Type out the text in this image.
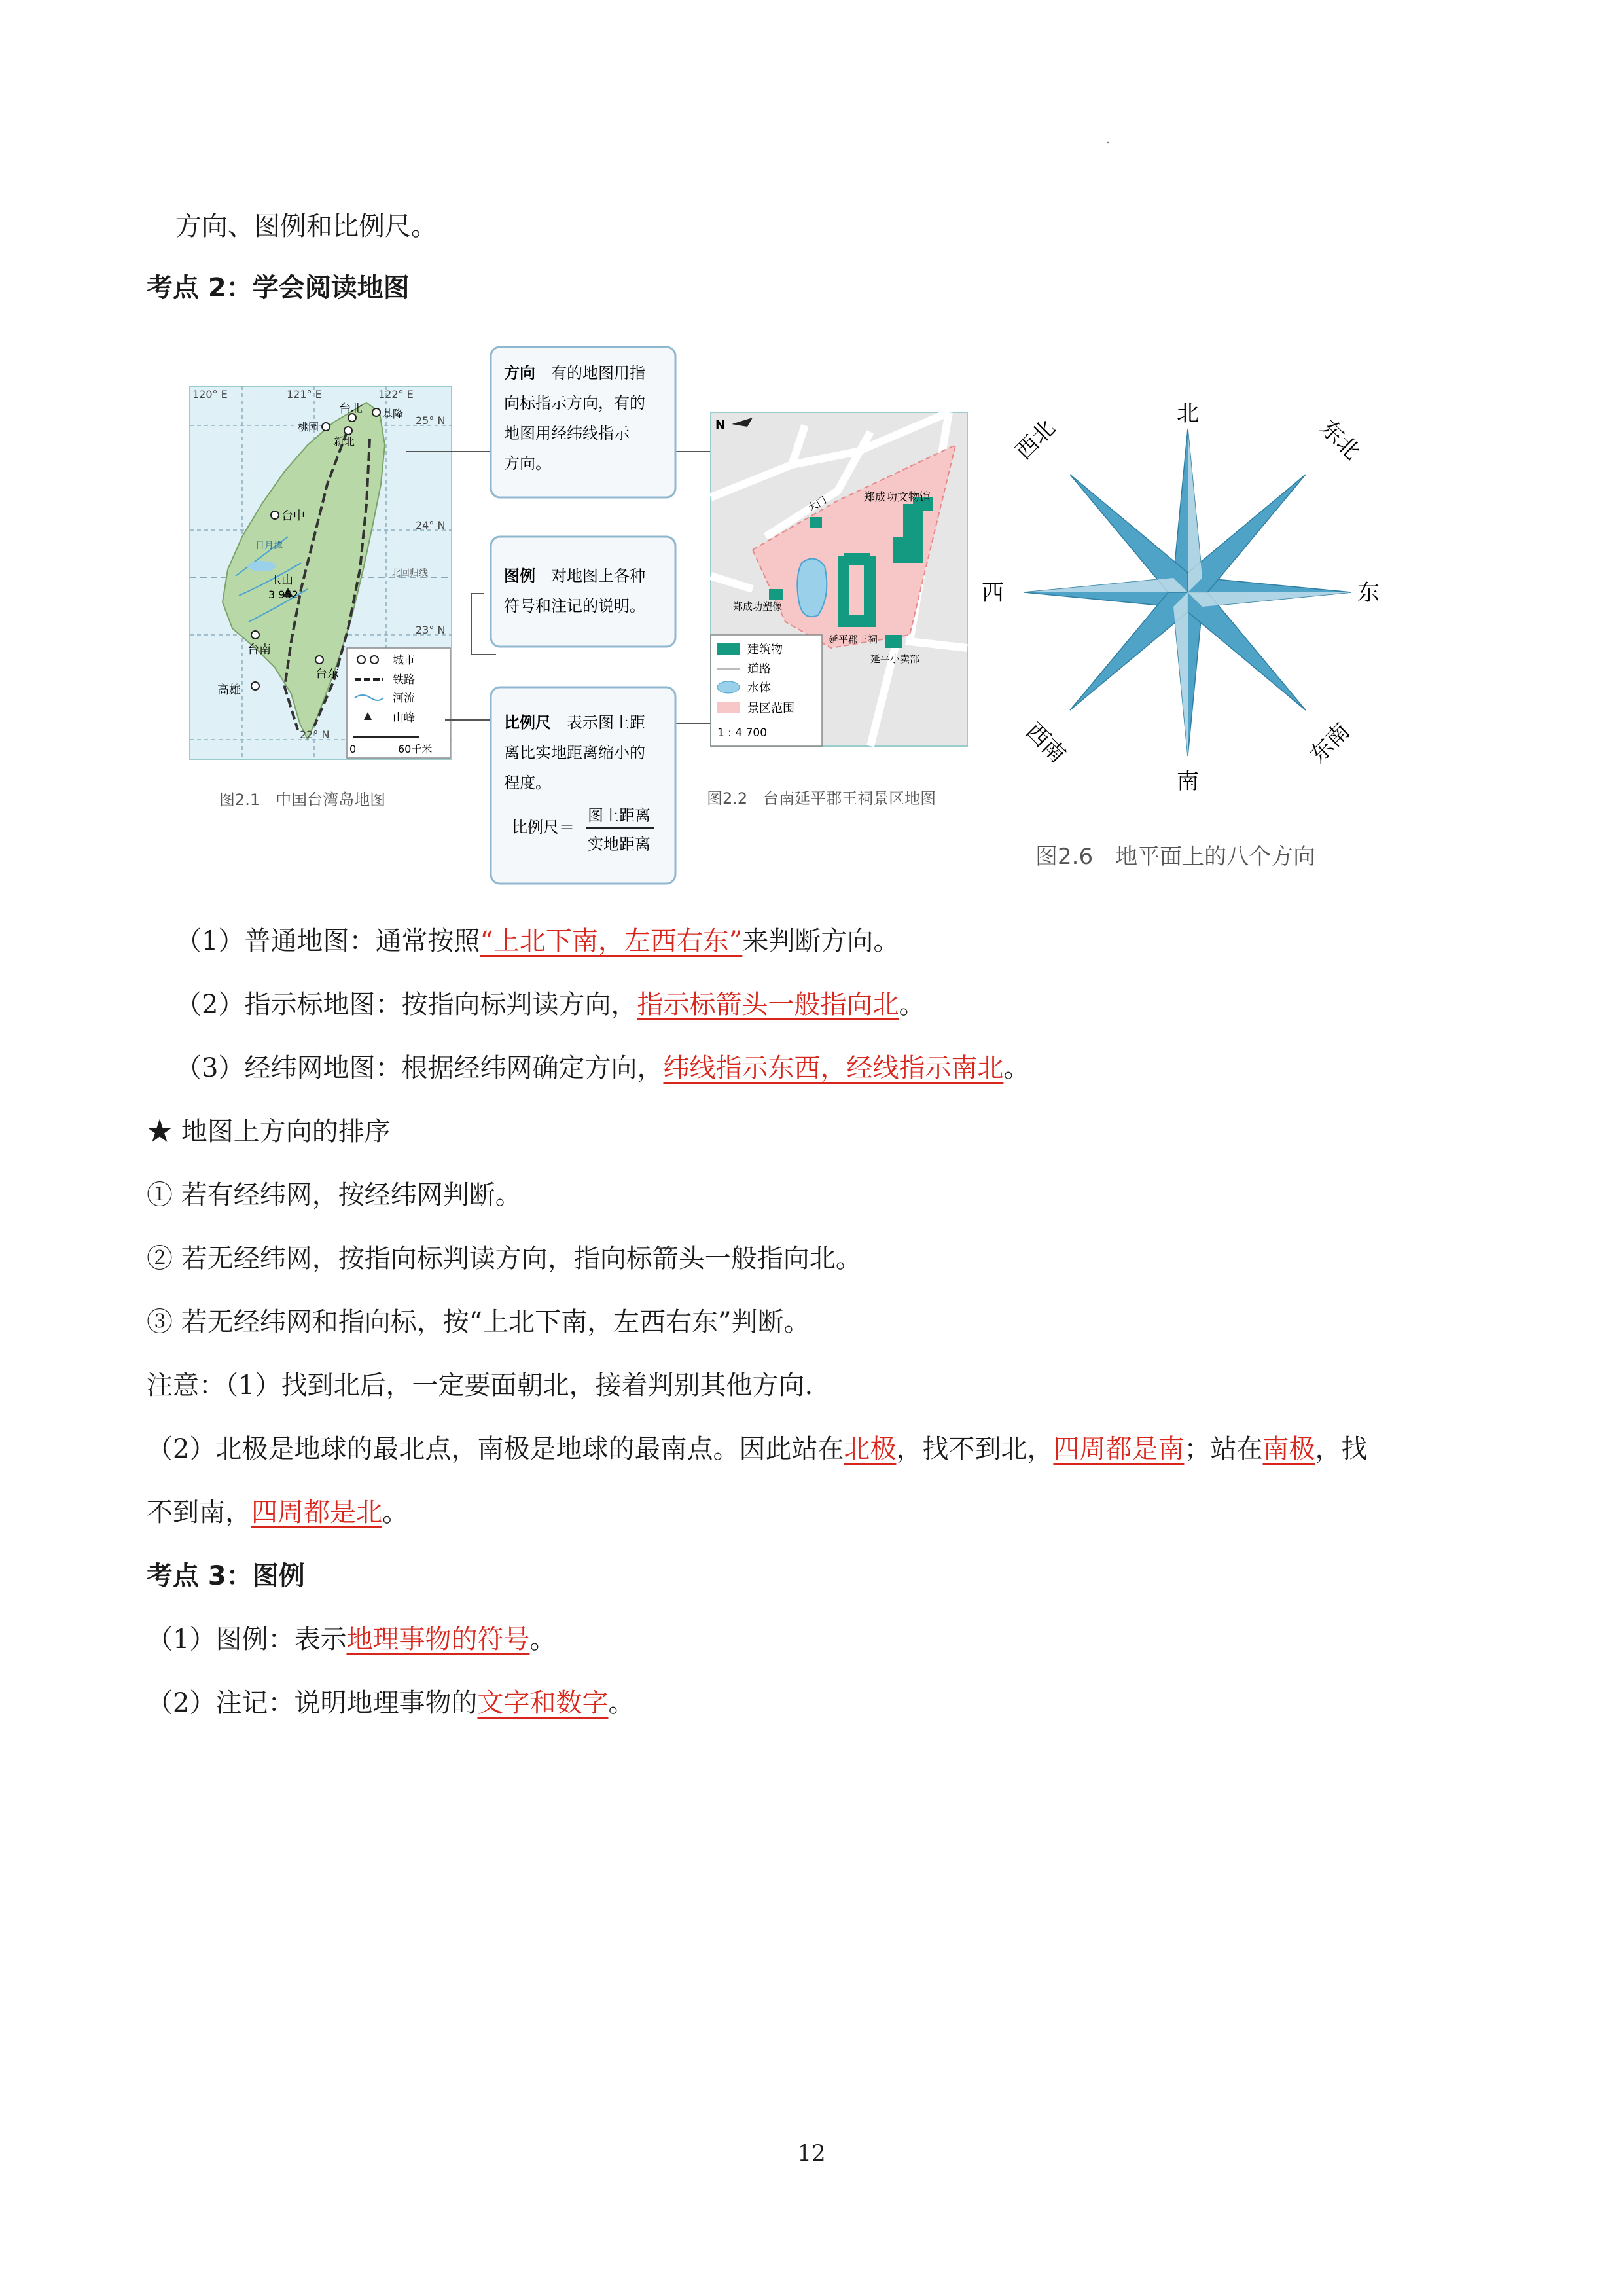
.
方向、图例和比例尺。
考点 2：学会阅读地图
台北 基隆
桃园
新北
台中
台南
高雄
台东
日月潭
玉山
3 952
120° E	121° E	122° E
25° N
24° N
23° N
22° N
北回归线
城市
铁路
河流
山峰
0	60千米
图2.1　中国台湾岛地图
方向 有的地图用指
向标指示方向，有的
地图用经纬线指示
方向。
图例 对地图上各种
符号和注记的说明。
比例尺 表示图上距
离比实地距离缩小的
程度。
比例尺＝
图上距离
实地距离
郑成功文物馆
大门
郑成功塑像
延平郡王祠
延平小卖部
N
建筑物
道路
水体
景区范围
1 : 4 700
图2.2　台南延平郡王祠景区地图
北
南
东
西
东北
西北
东南
西南
图2.6　地平面上的八个方向
（1）普通地图：通常按照“上北下南，左西右东”来判断方向。
（2）指示标地图：按指向标判读方向，指示标箭头一般指向北。
（3）经纬网地图：根据经纬网确定方向，纬线指示东西，经线指示南北。
★ 地图上方向的排序
① 若有经纬网，按经纬网判断。
② 若无经纬网，按指向标判读方向，指向标箭头一般指向北。
③ 若无经纬网和指向标，按“上北下南，左西右东”判断。
注意：（1）找到北后，一定要面朝北，接着判别其他方向.
（2）北极是地球的最北点，南极是地球的最南点。因此站在北极，找不到北，四周都是南；站在南极，找
不到南，四周都是北。
考点 3：图例
（1）图例：表示地理事物的符号。
（2）注记：说明地理事物的文字和数字。
12
